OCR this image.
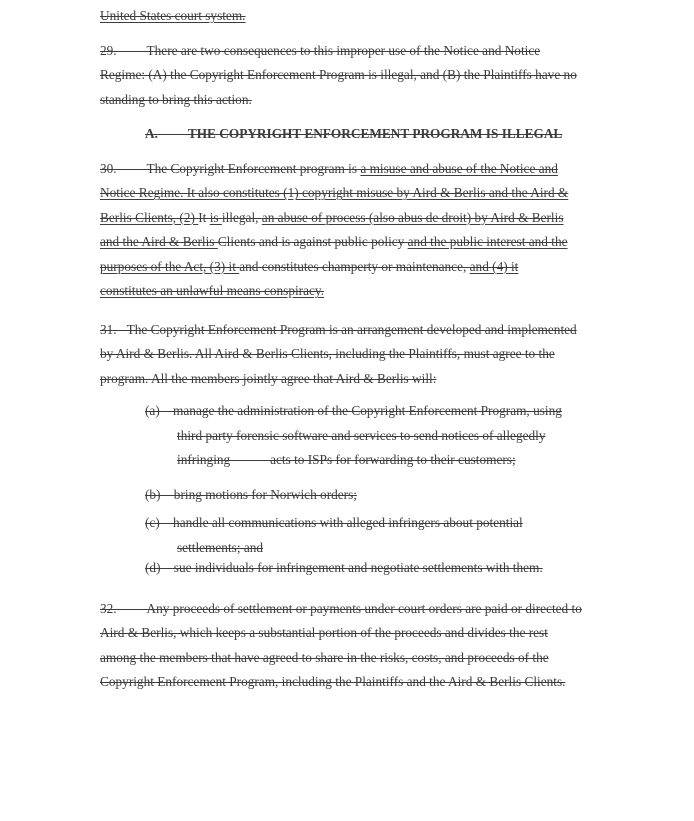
United States court system.
29.         There are two consequences to this improper use of the Notice and Notice
Regime: (A) the Copyright Enforcement Program is illegal, and (B) the Plaintiffs have no
standing to bring this action.
A.         THE COPYRIGHT ENFORCEMENT PROGRAM IS ILLEGAL
30.         The Copyright Enforcement program is a misuse and abuse of the Notice and
Notice Regime. It also constitutes (1) copyright misuse by Aird & Berlis and the Aird &
Berlis Clients, (2) It is illegal, an abuse of process (also abus de droit) by Aird & Berlis
and the Aird & Berlis Clients and is against public policy and the public interest and the
purposes of the Act, (3) it and constitutes champerty or maintenance, and (4) it
constitutes an unlawful means conspiracy.
31.   The Copyright Enforcement Program is an arrangement developed and implemented
by Aird & Berlis. All Aird & Berlis Clients, including the Plaintiffs, must agree to the
program. All the members jointly agree that Aird & Berlis will:
(a)    manage the administration of the Copyright Enforcement Program, using
third party forensic software and services to send notices of allegedly
infringing            acts to ISPs for forwarding to their customers;
(b)    bring motions for Norwich orders;
(c)    handle all communications with alleged infringers about potential
settlements; and
(d)    sue individuals for infringement and negotiate settlements with them.
32.         Any proceeds of settlement or payments under court orders are paid or directed to
Aird & Berlis, which keeps a substantial portion of the proceeds and divides the rest
among the members that have agreed to share in the risks, costs, and proceeds of the
Copyright Enforcement Program, including the Plaintiffs and the Aird & Berlis Clients.
